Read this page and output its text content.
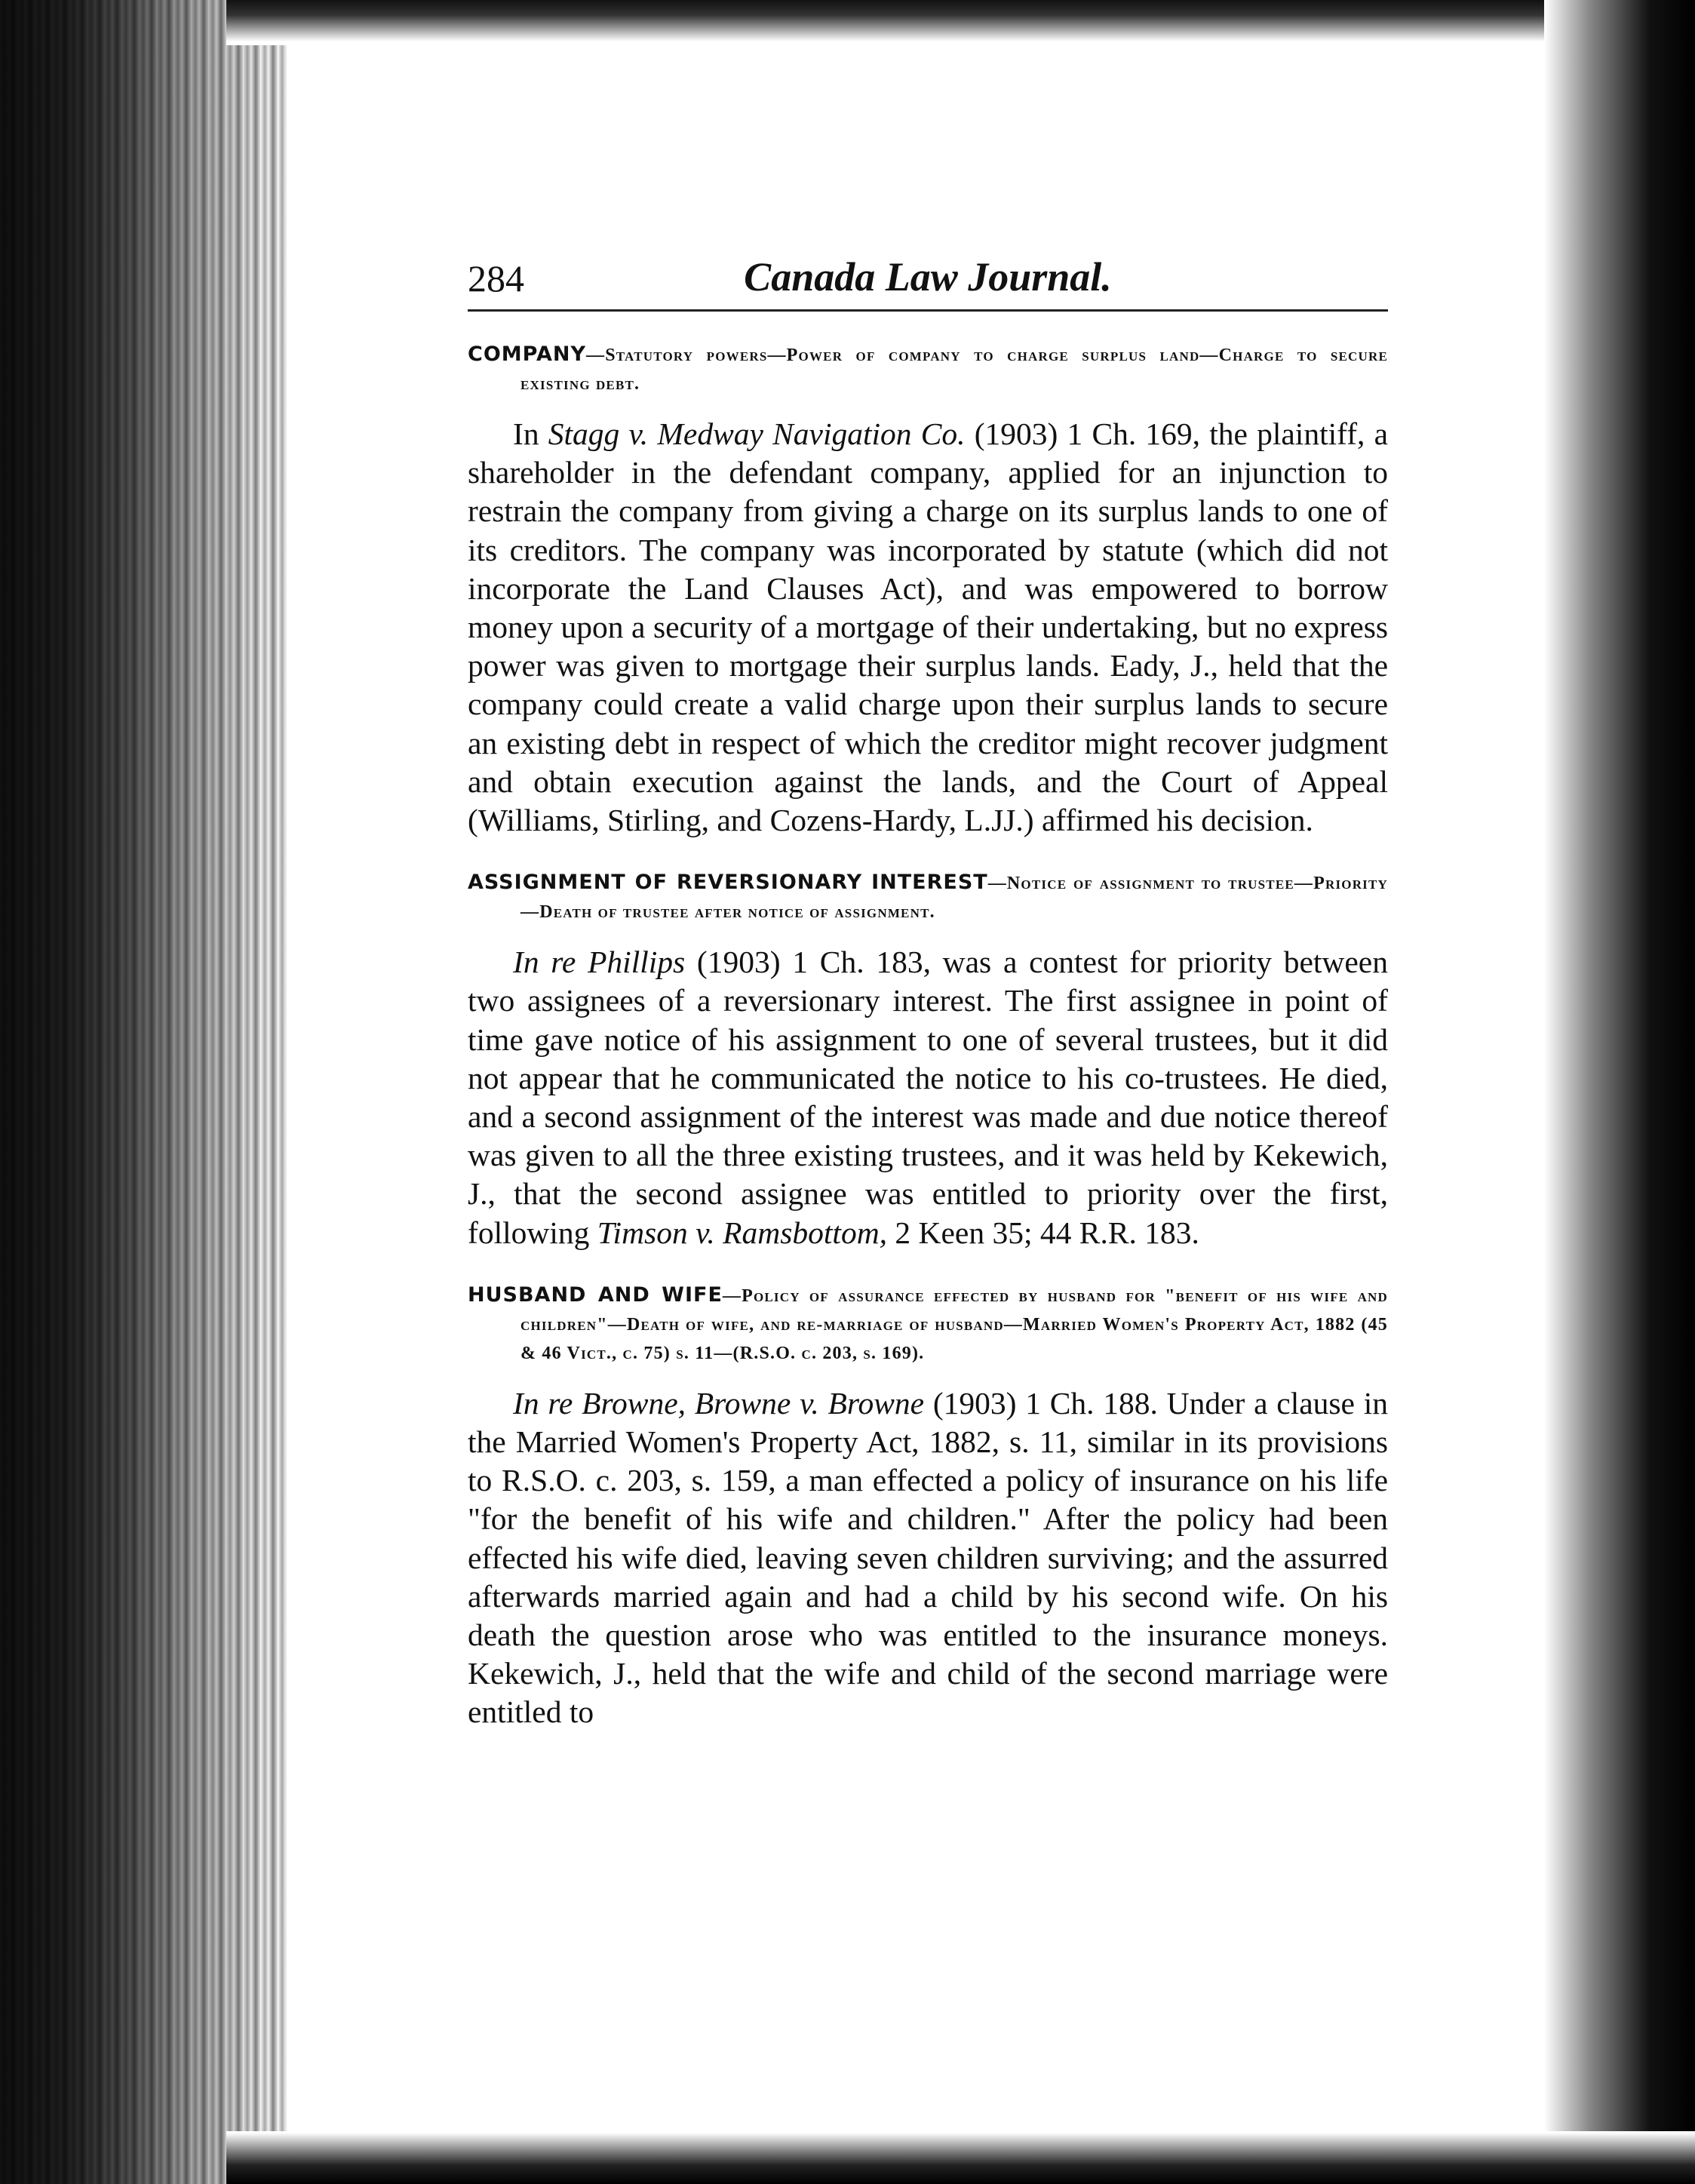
284	Canada Law Journal.
COMPANY—Statutory powers—Power of company to charge surplus land—Charge to secure existing debt.

In Stagg v. Medway Navigation Co. (1903) 1 Ch. 169, the plaintiff, a shareholder in the defendant company, applied for an injunction to restrain the company from giving a charge on its surplus lands to one of its creditors. The company was incorporated by statute (which did not incorporate the Land Clauses Act), and was empowered to borrow money upon a security of a mortgage of their undertaking, but no express power was given to mortgage their surplus lands. Eady, J., held that the company could create a valid charge upon their surplus lands to secure an existing debt in respect of which the creditor might recover judgment and obtain execution against the lands, and the Court of Appeal (Williams, Stirling, and Cozens-Hardy, L.JJ.) affirmed his decision.

ASSIGNMENT OF REVERSIONARY INTEREST—Notice of assignment to trustee—Priority—Death of trustee after notice of assignment.

In re Phillips (1903) 1 Ch. 183, was a contest for priority between two assignees of a reversionary interest. The first assignee in point of time gave notice of his assignment to one of several trustees, but it did not appear that he communicated the notice to his co-trustees. He died, and a second assignment of the interest was made and due notice thereof was given to all the three existing trustees, and it was held by Kekewich, J., that the second assignee was entitled to priority over the first, following Timson v. Ramsbottom, 2 Keen 35; 44 R.R. 183.

HUSBAND AND WIFE—Policy of assurance effected by husband for "benefit of his wife and children"—Death of wife, and re-marriage of husband—Married Women's Property Act, 1882 (45 & 46 Vict., c. 75) s. 11—(R.S.O. c. 203, s. 169).

In re Browne, Browne v. Browne (1903) 1 Ch. 188. Under a clause in the Married Women's Property Act, 1882, s. 11, similar in its provisions to R.S.O. c. 203, s. 159, a man effected a policy of insurance on his life "for the benefit of his wife and children." After the policy had been effected his wife died, leaving seven children surviving; and the assurred afterwards married again and had a child by his second wife. On his death the question arose who was entitled to the insurance moneys. Kekewich, J., held that the wife and child of the second marriage were entitled to
